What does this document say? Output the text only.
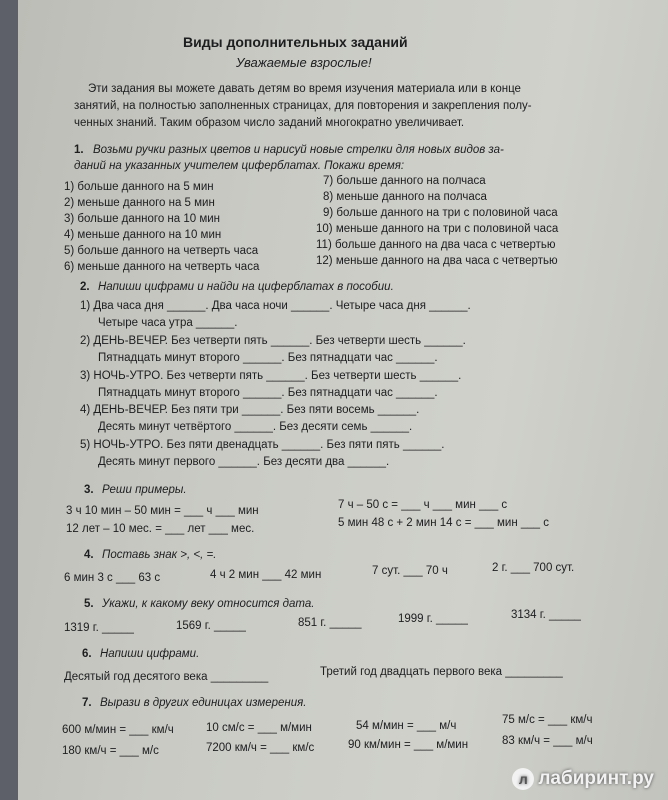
Виды дополнительных заданий
Уважаемые взрослые!
Эти задания вы можете давать детям во время изучения материала или в конце
занятий, на полностью заполненных страницах, для повторения и закрепления полу-
ченных знаний. Таким образом число заданий многократно увеличивает.
1. Возьми ручки разных цветов и нарисуй новые стрелки для новых видов за-
даний на указанных учителем циферблатах. Покажи время:
1) больше данного на 5 мин
2) меньше данного на 5 мин
3) больше данного на 10 мин
4) меньше данного на 10 мин
5) больше данного на четверть часа
6) меньше данного на четверть часа
7) больше данного на полчаса
8) меньше данного на полчаса
9) больше данного на три с половиной часа
10) меньше данного на три с половиной часа
11) больше данного на два часа с четвертью
12) меньше данного на два часа с четвертью
2. Напиши цифрами и найди на циферблатах в пособии.
1) Два часа дня ______. Два часа ночи ______. Четыре часа дня ______.
Четыре часа утра ______.
2) ДЕНЬ-ВЕЧЕР. Без четверти пять ______. Без четверти шесть ______.
Пятнадцать минут второго ______. Без пятнадцати час ______.
3) НОЧЬ-УТРО. Без четверти пять ______. Без четверти шесть ______.
Пятнадцать минут второго ______. Без пятнадцати час ______.
4) ДЕНЬ-ВЕЧЕР. Без пяти три ______. Без пяти восемь ______.
Десять минут четвёртого ______. Без десяти семь ______.
5) НОЧЬ-УТРО. Без пяти двенадцать ______. Без пяти пять ______.
Десять минут первого ______. Без десяти два ______.
3. Реши примеры.
3 ч 10 мин – 50 мин = ___ ч ___ мин	7 ч – 50 с = ___ ч ___ мин ___ с
12 лет – 10 мес. = ___ лет ___ мес.	5 мин 48 с + 2 мин 14 с = ___ мин ___ с
4. Поставь знак >, <, =.
6 мин 3 с ___ 63 с	4 ч 2 мин ___ 42 мин	7 сут. ___ 70 ч	2 г. ___ 700 сут.
5. Укажи, к какому веку относится дата.
1319 г. _____	1569 г. _____	851 г. _____	1999 г. _____	3134 г. _____
6. Напиши цифрами.
Десятый год десятого века _________	Третий год двадцать первого века _________
7. Вырази в других единицах измерения.
600 м/мин = ___ км/ч	10 см/с = ___ м/мин	54 м/мин = ___ м/ч	75 м/с = ___ км/ч
180 км/ч = ___ м/с	7200 км/ч = ___ км/с	90 км/мин = ___ м/мин	83 км/ч = ___ м/ч
л лабиринт.ру
